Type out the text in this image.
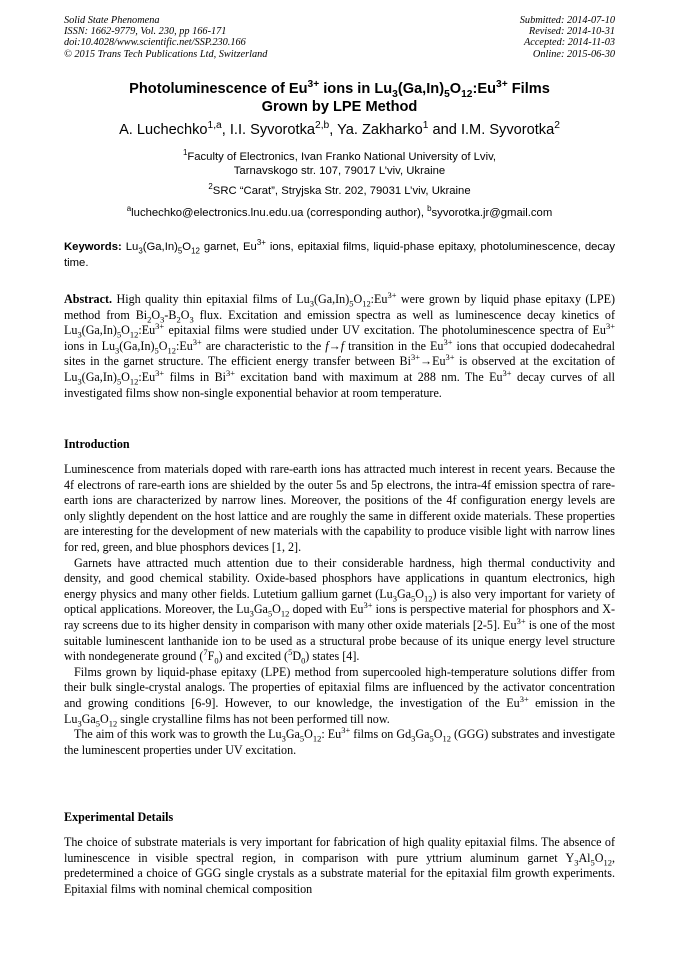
Solid State Phenomena
ISSN: 1662-9779, Vol. 230, pp 166-171
doi:10.4028/www.scientific.net/SSP.230.166
© 2015 Trans Tech Publications Ltd, Switzerland
Submitted: 2014-07-10
Revised: 2014-10-31
Accepted: 2014-11-03
Online: 2015-06-30
Photoluminescence of $Eu^{3+}$ ions in $Lu_3(Ga,In)_5O_{12}:Eu^{3+}$ Films
Grown by LPE Method
A. Luchechko$^{1,a}$, I.I. Syvorotka$^{2,b}$, Ya. Zakharko$^1$ and I.M. Syvorotka$^2$
$^1$Faculty of Electronics, Ivan Franko National University of Lviv,
Tarnavskogo str. 107, 79017 L’viv, Ukraine
$^2$SRC “Carat”, Stryjska Str. 202, 79031 L’viv, Ukraine
$^a$luchechko@electronics.lnu.edu.ua (corresponding author), $^b$syvorotka.jr@gmail.com
Keywords: $Lu_3(Ga,In)_5O_{12}$ garnet, $Eu^{3+}$ ions, epitaxial films, liquid-phase epitaxy, photoluminescence, decay time.

Abstract. High quality thin epitaxial films of $Lu_3(Ga,In)_5O_{12}:Eu^{3+}$ were grown by liquid phase epitaxy (LPE) method from $Bi_2O_3-B_2O_3$ flux. Excitation and emission spectra as well as luminescence decay kinetics of $Lu_3(Ga,In)_5O_{12}:Eu^{3+}$ epitaxial films were studied under UV excitation. The photoluminescence spectra of $Eu^{3+}$ ions in $Lu_3(Ga,In)_5O_{12}:Eu^{3+}$ are characteristic to the f→f transition in the $Eu^{3+}$ ions that occupied dodecahedral sites in the garnet structure. The efficient energy transfer between $Bi^{3+}\to Eu^{3+}$ is observed at the excitation of $Lu_3(Ga,In)_5O_{12}:Eu^{3+}$ films in $Bi^{3+}$ excitation band with maximum at 288 nm. The $Eu^{3+}$ decay curves of all investigated films show non-single exponential behavior at room temperature.

Introduction

Luminescence from materials doped with rare-earth ions has attracted much interest in recent years. Because the 4f electrons of rare-earth ions are shielded by the outer 5s and 5p electrons, the intra-4f emission spectra of rare-earth ions are characterized by narrow lines. Moreover, the positions of the 4f configuration energy levels are only slightly dependent on the host lattice and are roughly the same in different oxide materials. These properties are interesting for the development of new materials with the capability to produce visible light with narrow lines for red, green, and blue phosphors devices [1, 2].

Garnets have attracted much attention due to their considerable hardness, high thermal conductivity and density, and good chemical stability. Oxide-based phosphors have applications in quantum electronics, high energy physics and many other fields. Lutetium gallium garnet $(Lu_3Ga_5O_{12})$ is also very important for variety of optical applications. Moreover, the $Lu_3Ga_5O_{12}$ doped with $Eu^{3+}$ ions is perspective material for phosphors and X-ray screens due to its higher density in comparison with many other oxide materials [2-5]. $Eu^{3+}$ is one of the most suitable luminescent lanthanide ion to be used as a structural probe because of its unique energy level structure with nondegenerate ground $(^7F_0)$ and excited $(^5D_0)$ states [4].

Films grown by liquid-phase epitaxy (LPE) method from supercooled high-temperature solutions differ from their bulk single-crystal analogs. The properties of epitaxial films are influenced by the activator concentration and growing conditions [6-9]. However, to our knowledge, the investigation of the $Eu^{3+}$ emission in the $Lu_3Ga_5O_{12}$ single crystalline films has not been performed till now.

The aim of this work was to growth the $Lu_3Ga_5O_{12}$: $Eu^{3+}$ films on $Gd_3Ga_5O_{12}$ (GGG) substrates and investigate the luminescent properties under UV excitation.

Experimental Details

The choice of substrate materials is very important for fabrication of high quality epitaxial films. The absence of luminescence in visible spectral region, in comparison with pure yttrium aluminum garnet $Y_3Al_5O_{12}$, predetermined a choice of GGG single crystals as a substrate material for the epitaxial film growth experiments. Epitaxial films with nominal chemical composition
